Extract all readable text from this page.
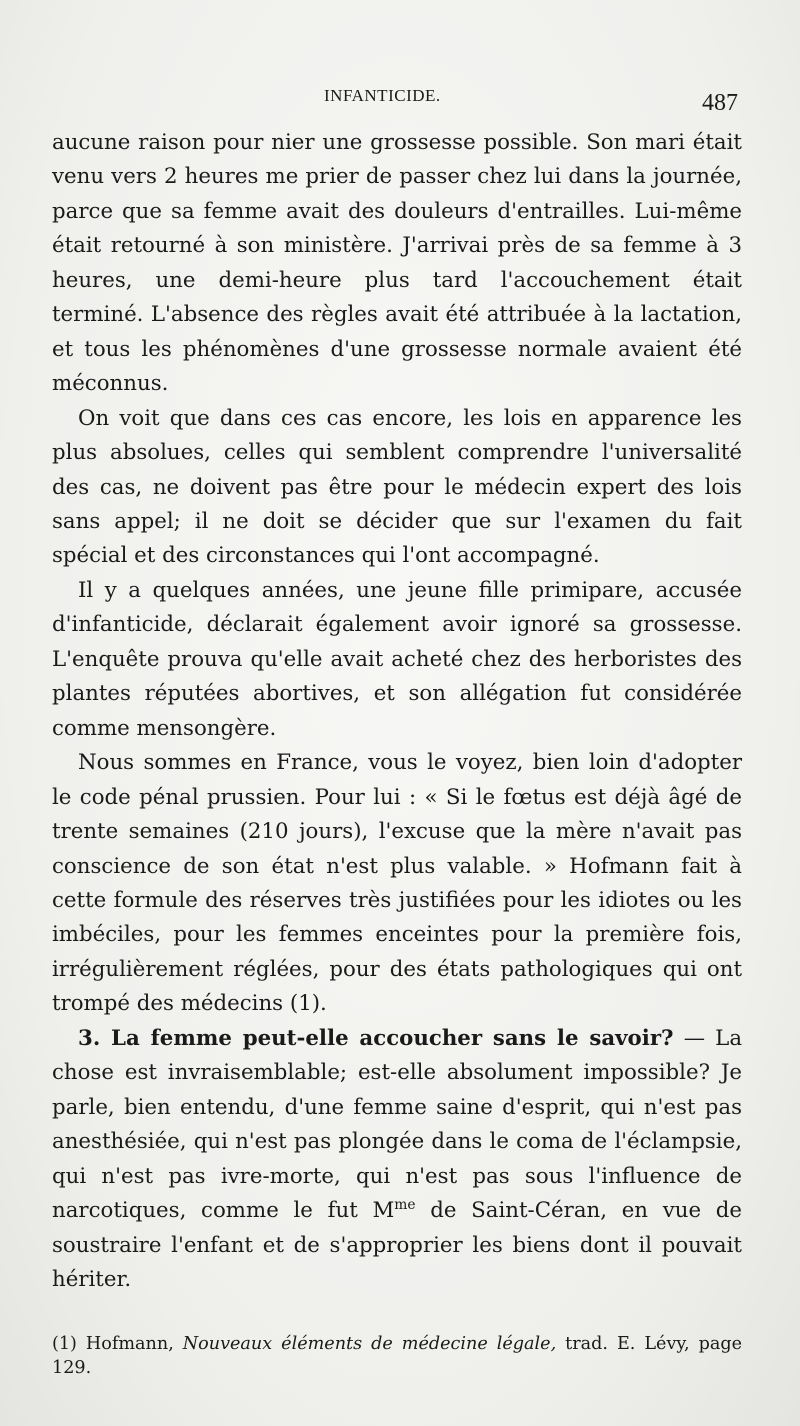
INFANTICIDE.	487

aucune raison pour nier une grossesse possible. Son mari était venu vers 2 heures me prier de passer chez lui dans la journée, parce que sa femme avait des douleurs d'entrailles. Lui-même était retourné à son ministère. J'arrivai près de sa femme à 3 heures, une demi-heure plus tard l'accouchement était terminé. L'absence des règles avait été attribuée à la lactation, et tous les phénomènes d'une grossesse normale avaient été méconnus.

On voit que dans ces cas encore, les lois en apparence les plus absolues, celles qui semblent comprendre l'universalité des cas, ne doivent pas être pour le médecin expert des lois sans appel; il ne doit se décider que sur l'examen du fait spécial et des circonstances qui l'ont accompagné.

Il y a quelques années, une jeune fille primipare, accusée d'infanticide, déclarait également avoir ignoré sa grossesse. L'enquête prouva qu'elle avait acheté chez des herboristes des plantes réputées abortives, et son allégation fut considérée comme mensongère.

Nous sommes en France, vous le voyez, bien loin d'adopter le code pénal prussien. Pour lui : « Si le fœtus est déjà âgé de trente semaines (210 jours), l'excuse que la mère n'avait pas conscience de son état n'est plus valable. » Hofmann fait à cette formule des réserves très justifiées pour les idiotes ou les imbéciles, pour les femmes enceintes pour la première fois, irrégulièrement réglées, pour des états pathologiques qui ont trompé des médecins (1).

3. La femme peut-elle accoucher sans le savoir? — La chose est invraisemblable; est-elle absolument impossible? Je parle, bien entendu, d'une femme saine d'esprit, qui n'est pas anesthésiée, qui n'est pas plongée dans le coma de l'éclampsie, qui n'est pas ivre-morte, qui n'est pas sous l'influence de narcotiques, comme le fut $M^{me}$ de Saint-Céran, en vue de soustraire l'enfant et de s'approprier les biens dont il pouvait hériter.

(1) Hofmann, Nouveaux éléments de médecine légale, trad. E. Lévy, page 129.
